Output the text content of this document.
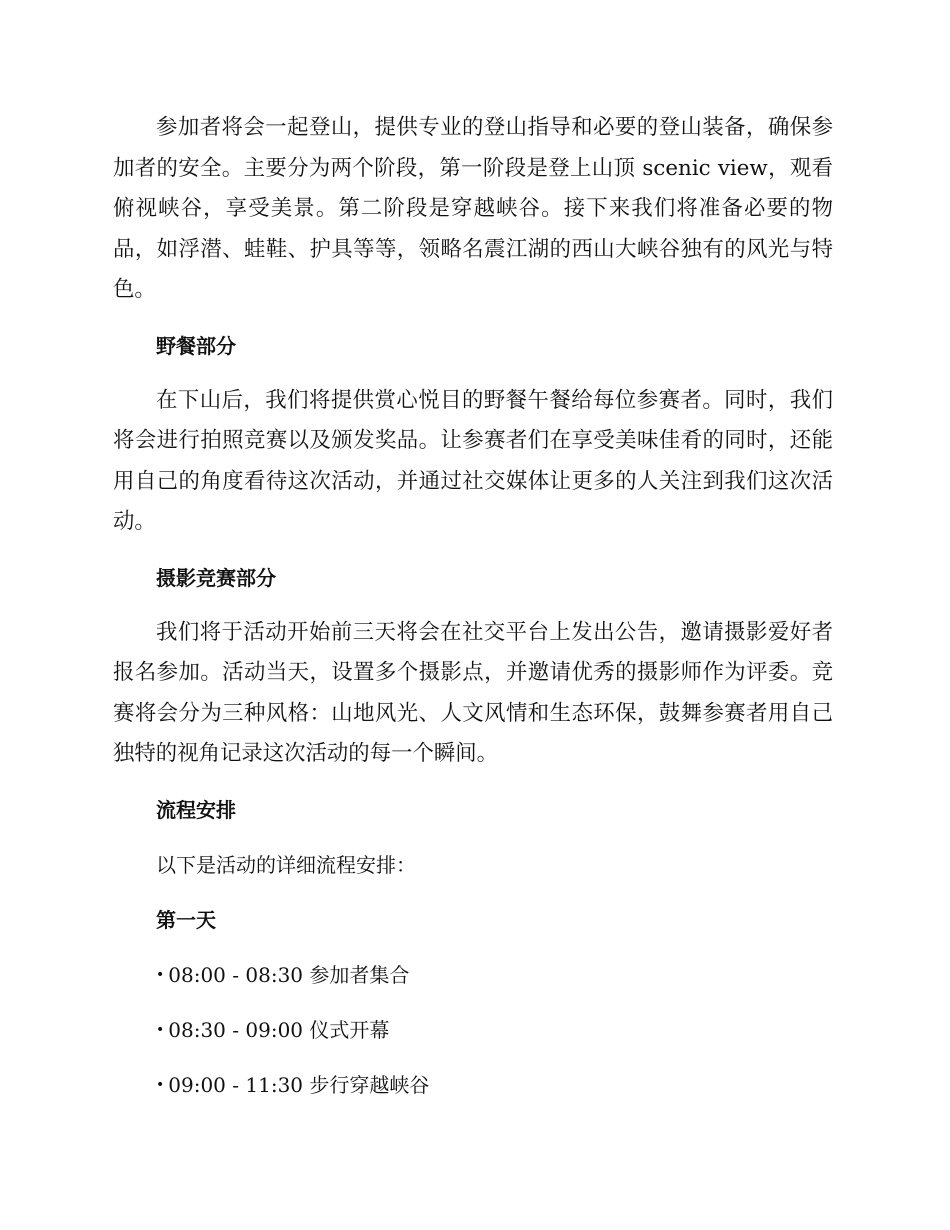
参加者将会一起登山，提供专业的登山指导和必要的登山装备，确保参加者的安全。主要分为两个阶段，第一阶段是登上山顶 scenic view，观看俯视峡谷，享受美景。第二阶段是穿越峡谷。接下来我们将准备必要的物品，如浮潜、蛙鞋、护具等等，领略名震江湖的西山大峡谷独有的风光与特色。

野餐部分

在下山后，我们将提供赏心悦目的野餐午餐给每位参赛者。同时，我们将会进行拍照竞赛以及颁发奖品。让参赛者们在享受美味佳肴的同时，还能用自己的角度看待这次活动，并通过社交媒体让更多的人关注到我们这次活动。

摄影竞赛部分

我们将于活动开始前三天将会在社交平台上发出公告，邀请摄影爱好者报名参加。活动当天，设置多个摄影点，并邀请优秀的摄影师作为评委。竞赛将会分为三种风格：山地风光、人文风情和生态环保，鼓舞参赛者用自己独特的视角记录这次活动的每一个瞬间。

流程安排
以下是活动的详细流程安排：
第一天
• 08:00 - 08:30 参加者集合
• 08:30 - 09:00 仪式开幕
• 09:00 - 11:30 步行穿越峡谷
